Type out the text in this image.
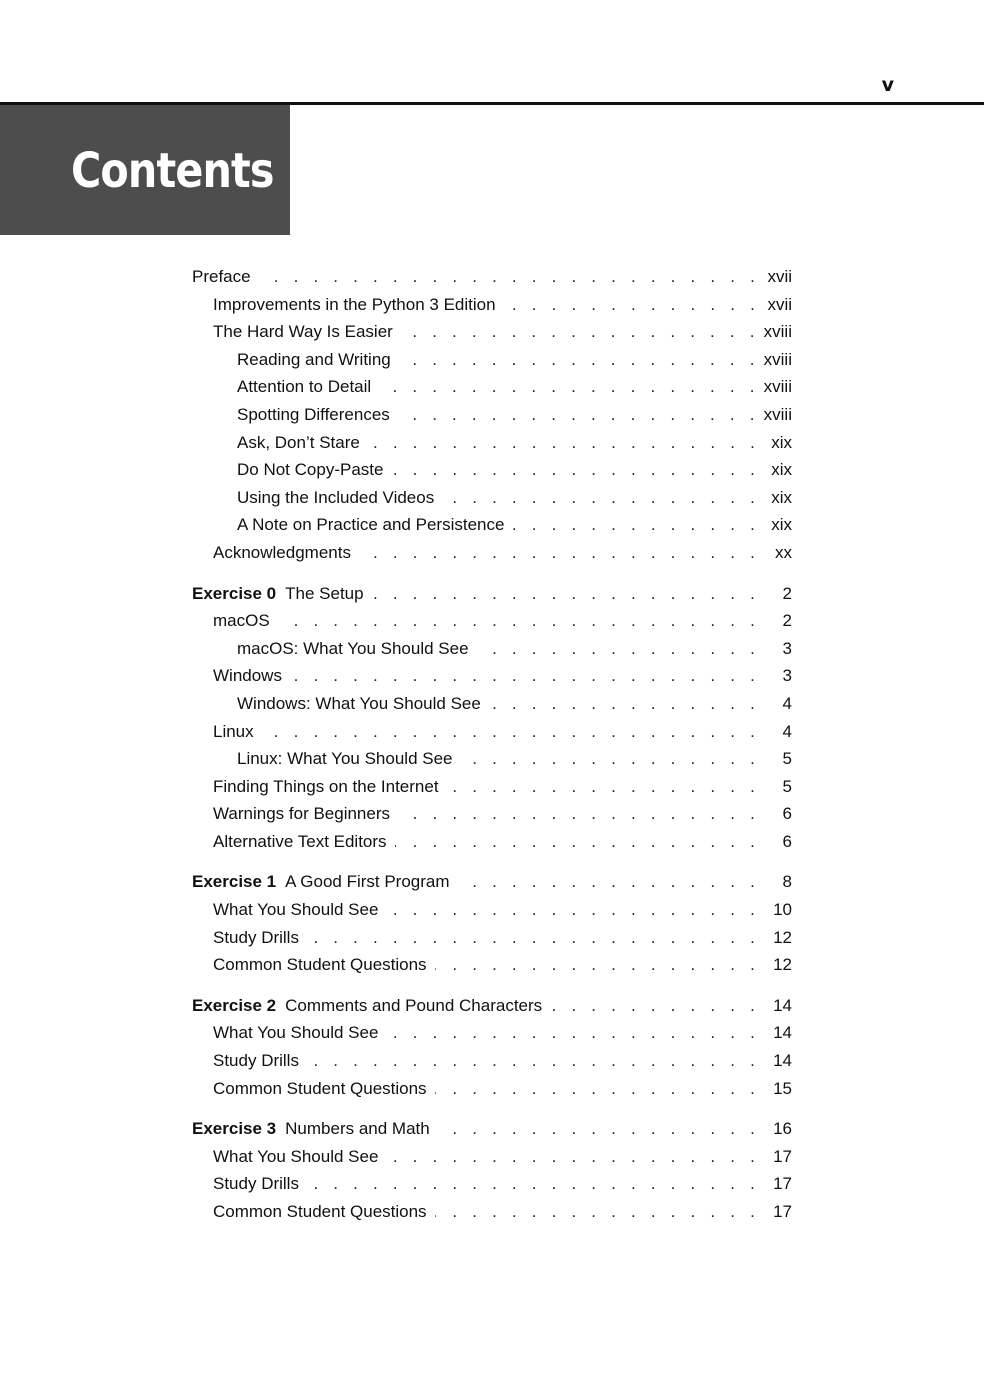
v
Contents
Preface . . .	xvii
Improvements in the Python 3 Edition . . .	xvii
The Hard Way Is Easier . . .	xviii
Reading and Writing . . .	xviii
Attention to Detail . . .	xviii
Spotting Differences . . .	xviii
Ask, Don’t Stare . . .	xix
Do Not Copy-Paste . . .	xix
Using the Included Videos . . .	xix
A Note on Practice and Persistence . . .	xix
Acknowledgments . . .	xx
Exercise 0 The Setup . . .	2
macOS . . .	2
macOS: What You Should See . . .	3
Windows . . .	3
Windows: What You Should See . . .	4
Linux . . .	4
Linux: What You Should See . . .	5
Finding Things on the Internet . . .	5
Warnings for Beginners . . .	6
Alternative Text Editors . . .	6
Exercise 1 A Good First Program . . .	8
What You Should See . . .	10
Study Drills . . .	12
Common Student Questions . . .	12
Exercise 2 Comments and Pound Characters . . .	14
What You Should See . . .	14
Study Drills . . .	14
Common Student Questions . . .	15
Exercise 3 Numbers and Math . . .	16
What You Should See . . .	17
Study Drills . . .	17
Common Student Questions . . .	17
